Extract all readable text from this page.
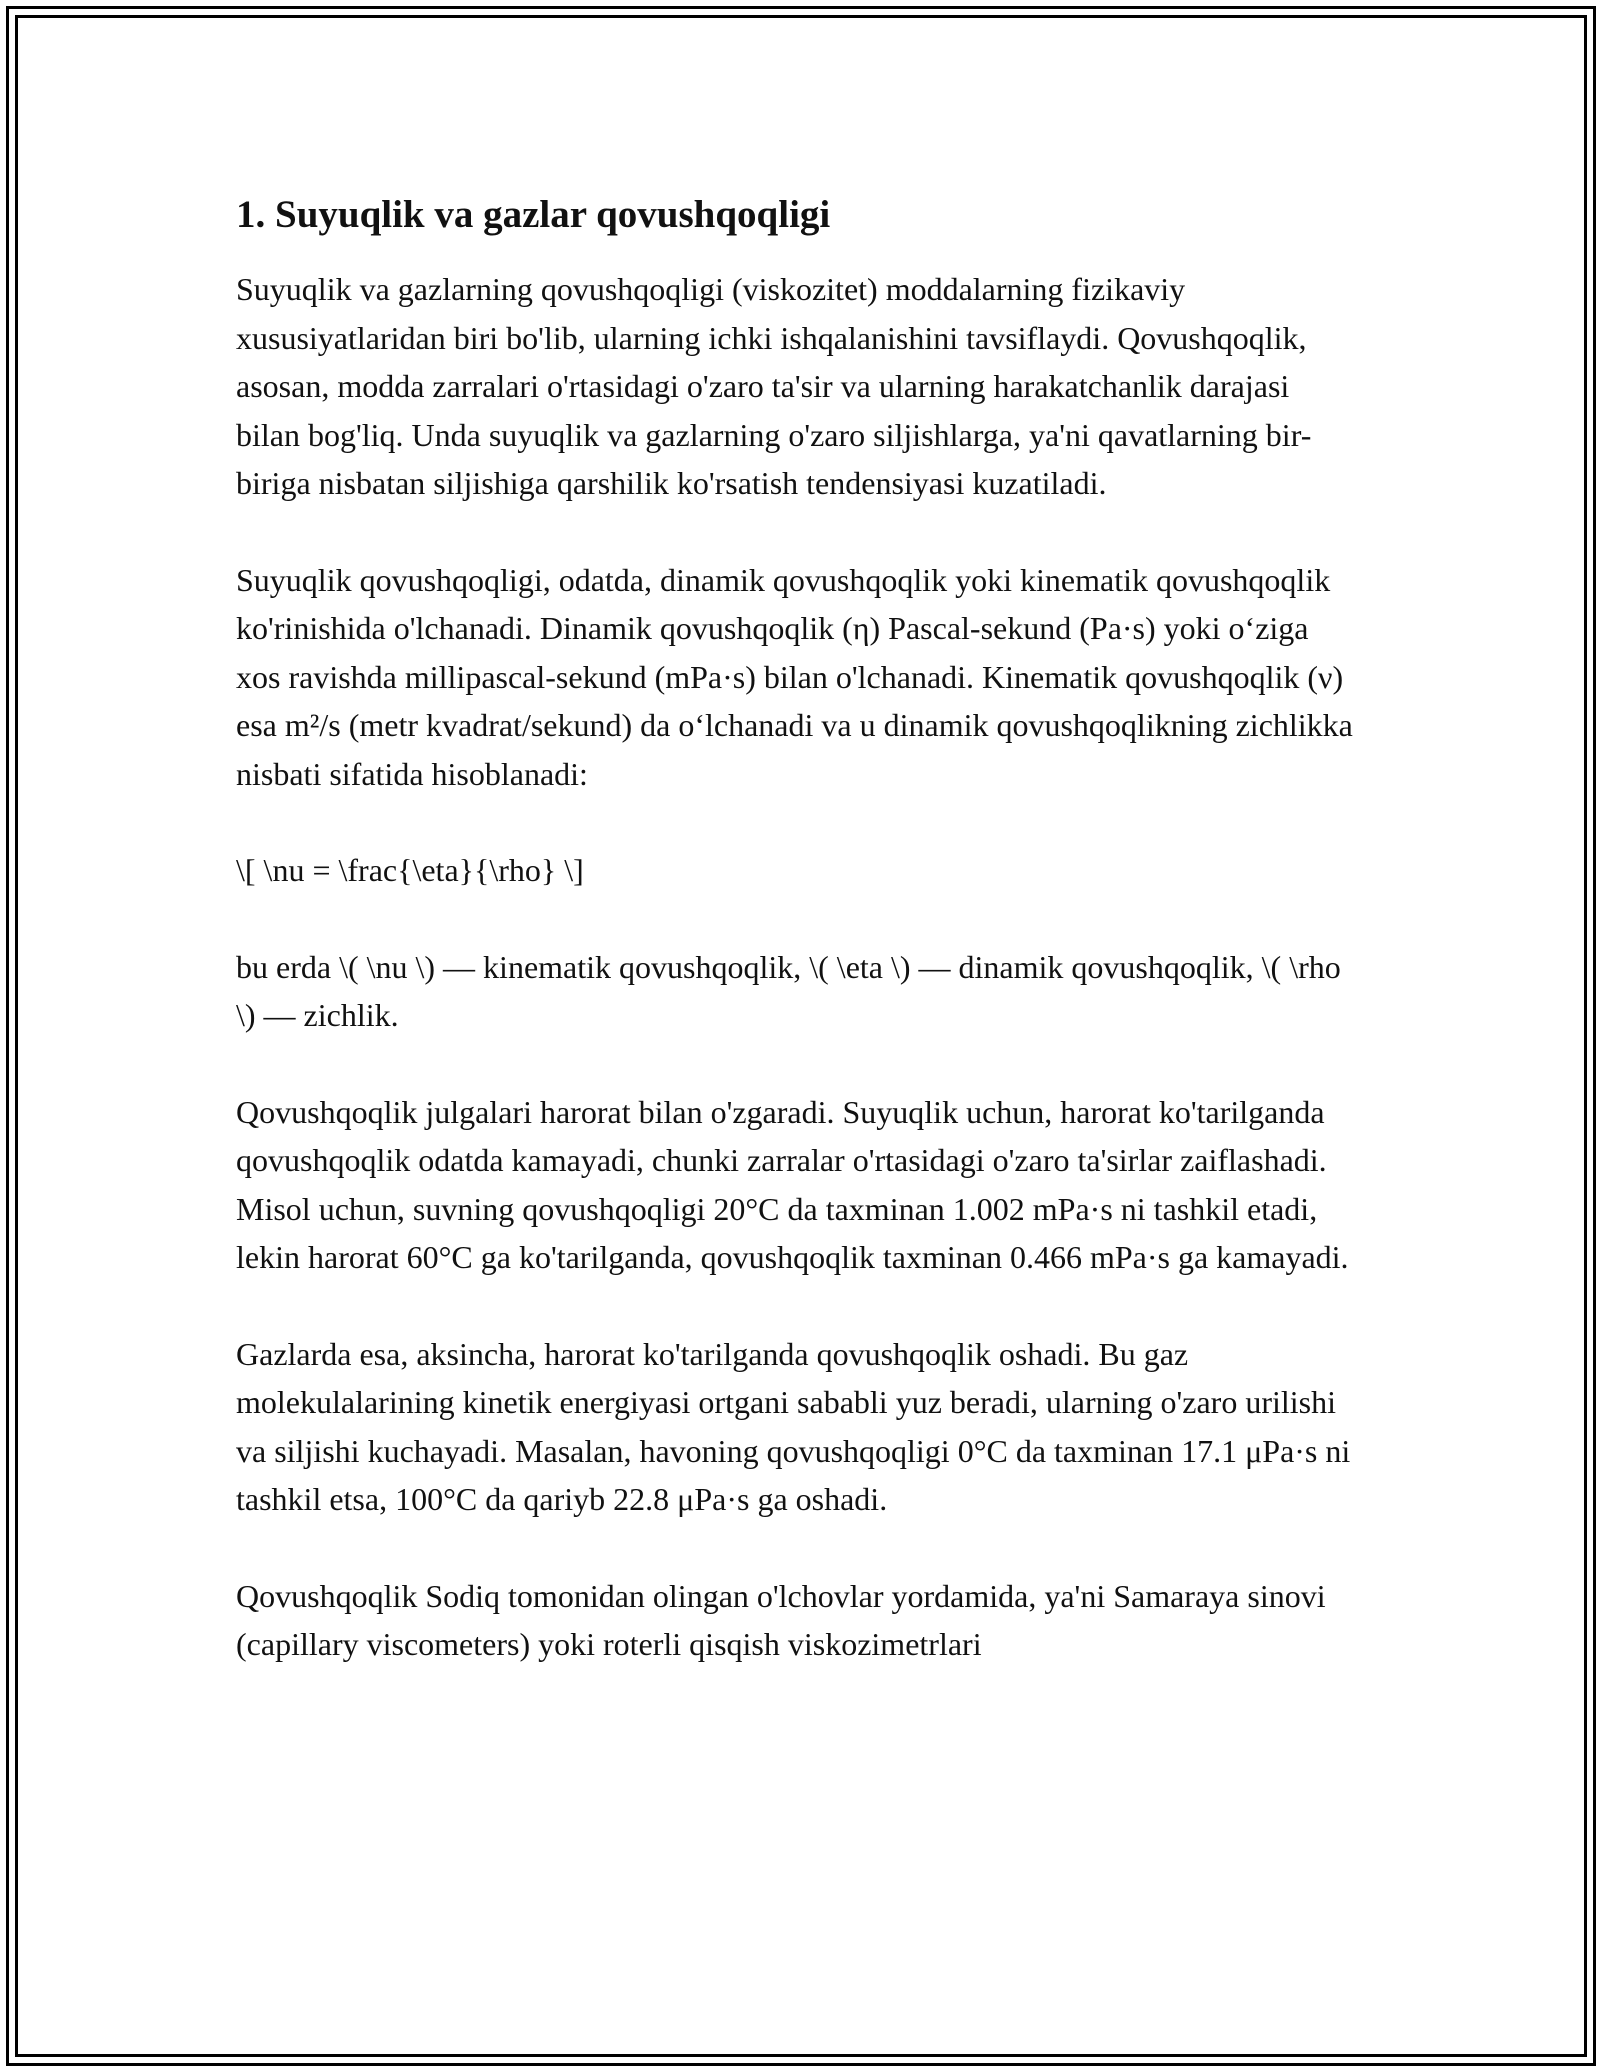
1. Suyuqlik va gazlar qovushqoqligi

Suyuqlik va gazlarning qovushqoqligi (viskozitet) moddalarning fizikaviy xususiyatlaridan biri bo'lib, ularning ichki ishqalanishini tavsiflaydi. Qovushqoqlik, asosan, modda zarralari o'rtasidagi o'zaro ta'sir va ularning harakatchanlik darajasi bilan bog'liq. Unda suyuqlik va gazlarning o'zaro siljishlarga, ya'ni qavatlarning bir-biriga nisbatan siljishiga qarshilik ko'rsatish tendensiyasi kuzatiladi.

Suyuqlik qovushqoqligi, odatda, dinamik qovushqoqlik yoki kinematik qovushqoqlik ko'rinishida o'lchanadi. Dinamik qovushqoqlik (η) Pascal-sekund (Pa·s) yoki o‘ziga xos ravishda millipascal-sekund (mPa·s) bilan o'lchanadi. Kinematik qovushqoqlik (ν) esa m²/s (metr kvadrat/sekund) da o‘lchanadi va u dinamik qovushqoqlikning zichlikka nisbati sifatida hisoblanadi:

\[ \nu = \frac{\eta}{\rho} \]

bu erda \( \nu \) — kinematik qovushqoqlik, \( \eta \) — dinamik qovushqoqlik, \( \rho \) — zichlik.

Qovushqoqlik julgalari harorat bilan o'zgaradi. Suyuqlik uchun, harorat ko'tarilganda qovushqoqlik odatda kamayadi, chunki zarralar o'rtasidagi o'zaro ta'sirlar zaiflashadi. Misol uchun, suvning qovushqoqligi 20°C da taxminan 1.002 mPa·s ni tashkil etadi, lekin harorat 60°C ga ko'tarilganda, qovushqoqlik taxminan 0.466 mPa·s ga kamayadi.

Gazlarda esa, aksincha, harorat ko'tarilganda qovushqoqlik oshadi. Bu gaz molekulalarining kinetik energiyasi ortgani sababli yuz beradi, ularning o'zaro urilishi va siljishi kuchayadi. Masalan, havoning qovushqoqligi 0°C da taxminan 17.1 μPa·s ni tashkil etsa, 100°C da qariyb 22.8 μPa·s ga oshadi.

Qovushqoqlik Sodiq tomonidan olingan o'lchovlar yordamida, ya'ni Samaraya sinovi (capillary viscometers) yoki roterli qisqish viskozimetrlari
